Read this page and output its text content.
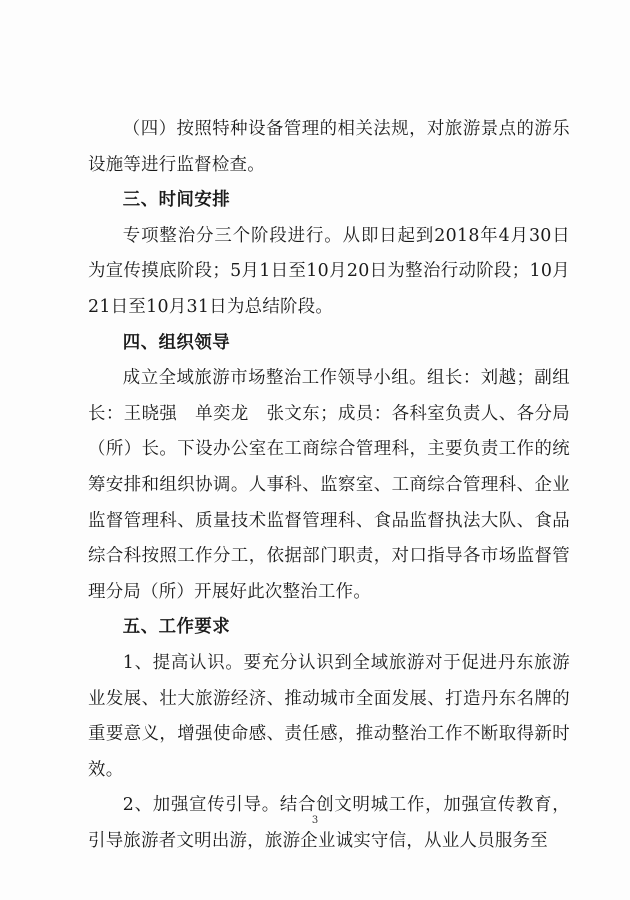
（四）按照特种设备管理的相关法规，对旅游景点的游乐设施等进行监督检查。

三、时间安排

专项整治分三个阶段进行。从即日起到2018年4月30日为宣传摸底阶段；5月1日至10月20日为整治行动阶段；10月21日至10月31日为总结阶段。

四、组织领导

成立全域旅游市场整治工作领导小组。组长：刘越；副组长：王晓强　单奕龙　张文东；成员：各科室负责人、各分局（所）长。下设办公室在工商综合管理科，主要负责工作的统筹安排和组织协调。人事科、监察室、工商综合管理科、企业监督管理科、质量技术监督管理科、食品监督执法大队、食品综合科按照工作分工，依据部门职责，对口指导各市场监督管理分局（所）开展好此次整治工作。

五、工作要求

1、提高认识。要充分认识到全域旅游对于促进丹东旅游业发展、壮大旅游经济、推动城市全面发展、打造丹东名牌的重要意义，增强使命感、责任感，推动整治工作不断取得新时效。

2、加强宣传引导。结合创文明城工作，加强宣传教育，引导旅游者文明出游，旅游企业诚实守信，从业人员服务至

3
